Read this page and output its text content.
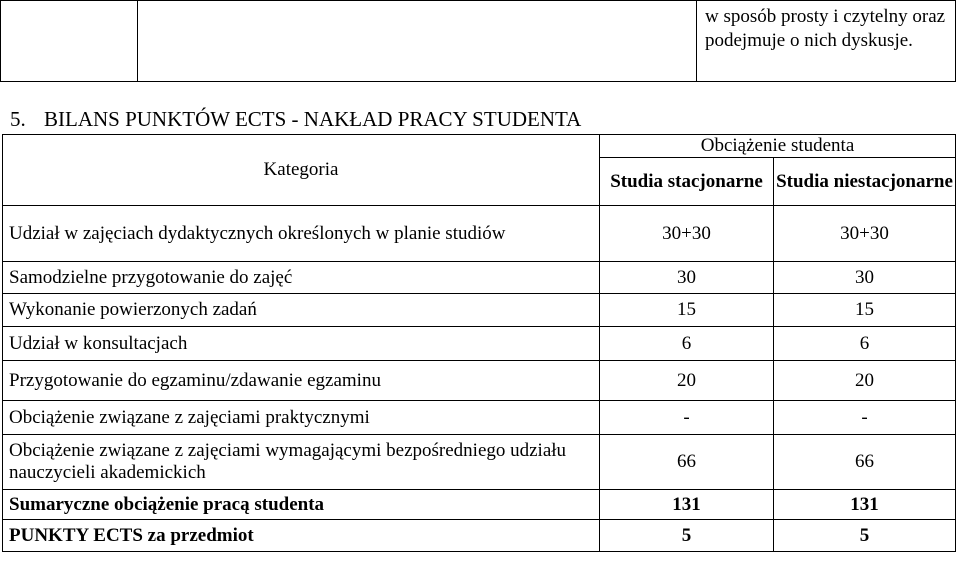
		w sposób prosty i czytelny oraz podejmuje o nich dyskusje.
5. BILANS PUNKTÓW ECTS - NAKŁAD PRACY STUDENTA
Kategoria	Obciążenie studenta	
	Studia stacjonarne	Studia niestacjonarne
Udział w zajęciach dydaktycznych określonych w planie studiów	30+30	30+30
Samodzielne przygotowanie do zajęć	30	30
Wykonanie powierzonych zadań	15	15
Udział w konsultacjach	6	6
Przygotowanie do egzaminu/zdawanie egzaminu	20	20
Obciążenie związane z zajęciami praktycznymi	-	-
Obciążenie związane z zajęciami wymagającymi bezpośredniego udziału nauczycieli akademickich	66	66
Sumaryczne obciążenie pracą studenta	131	131
PUNKTY ECTS za przedmiot	5	5
